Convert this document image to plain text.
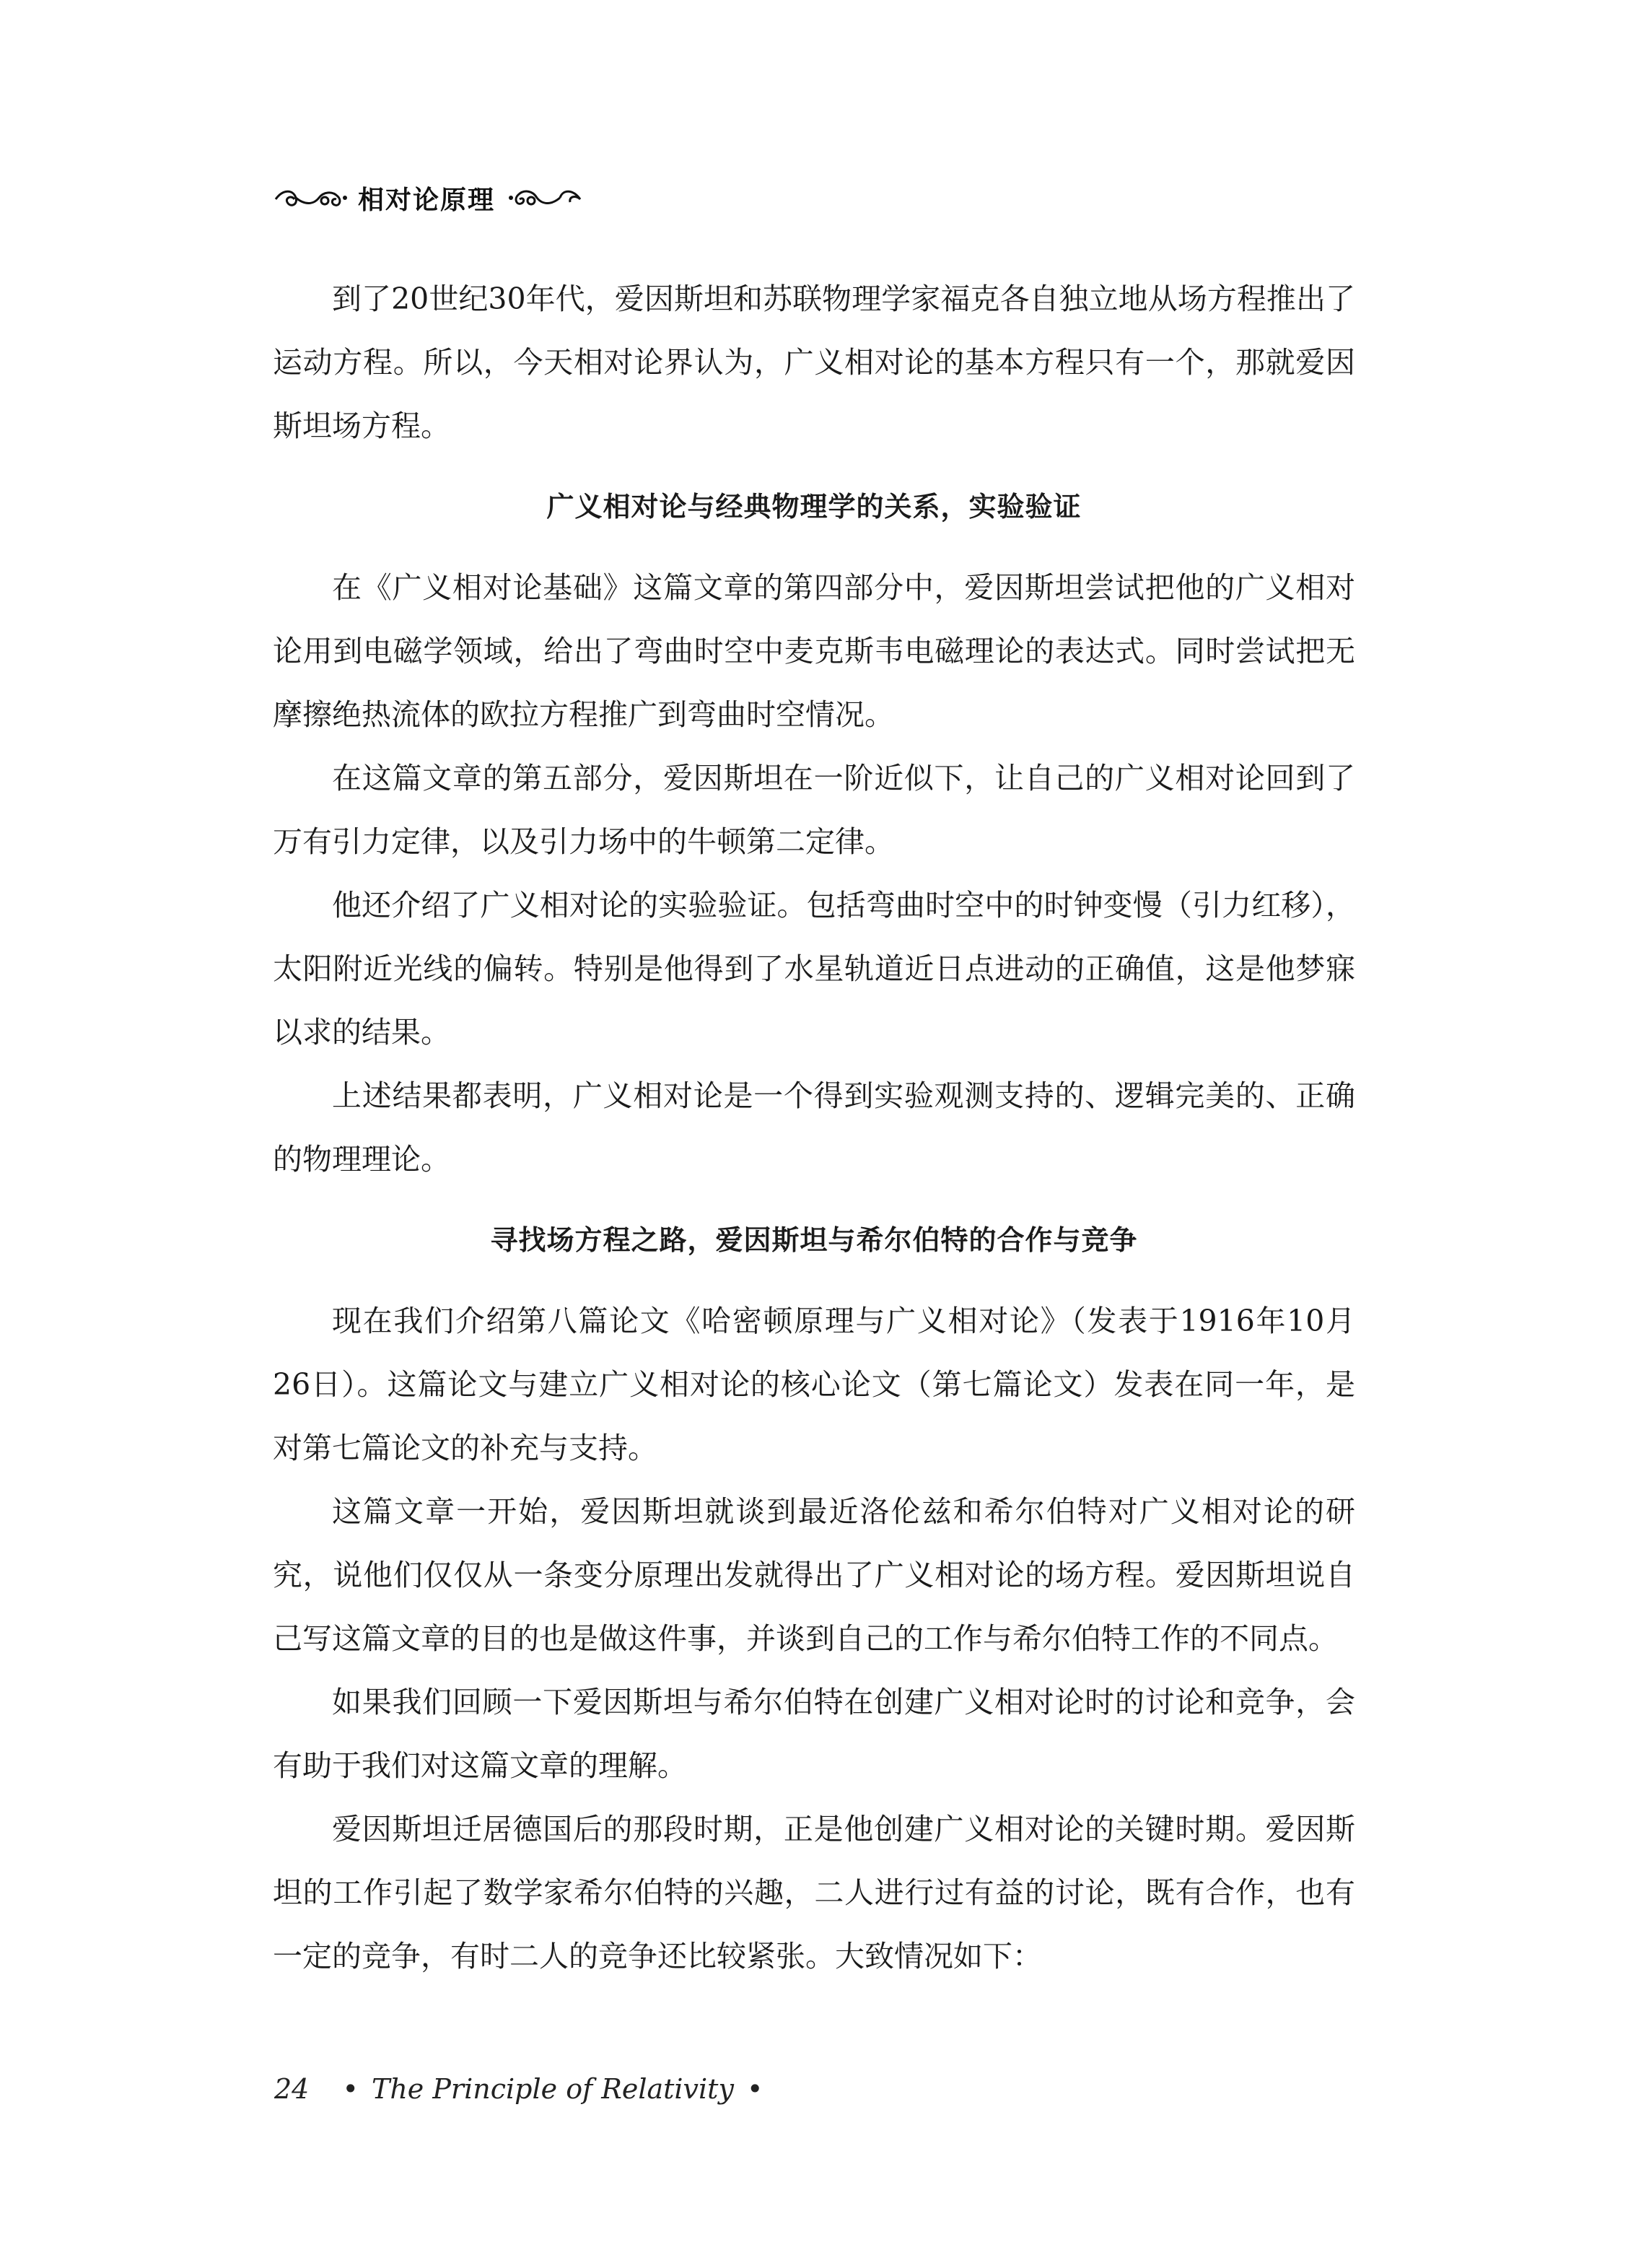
相对论原理

到了20世纪30年代，爱因斯坦和苏联物理学家福克各自独立地从场方程推出了运动方程。所以，今天相对论界认为，广义相对论的基本方程只有一个，那就爱因斯坦场方程。

广义相对论与经典物理学的关系，实验验证

在《广义相对论基础》这篇文章的第四部分中，爱因斯坦尝试把他的广义相对论用到电磁学领域，给出了弯曲时空中麦克斯韦电磁理论的表达式。同时尝试把无摩擦绝热流体的欧拉方程推广到弯曲时空情况。

在这篇文章的第五部分，爱因斯坦在一阶近似下，让自己的广义相对论回到了万有引力定律，以及引力场中的牛顿第二定律。

他还介绍了广义相对论的实验验证。包括弯曲时空中的时钟变慢（引力红移），太阳附近光线的偏转。特别是他得到了水星轨道近日点进动的正确值，这是他梦寐以求的结果。

上述结果都表明，广义相对论是一个得到实验观测支持的、逻辑完美的、正确的物理理论。

寻找场方程之路，爱因斯坦与希尔伯特的合作与竞争

现在我们介绍第八篇论文《哈密顿原理与广义相对论》（发表于1916年10月26日）。这篇论文与建立广义相对论的核心论文（第七篇论文）发表在同一年，是对第七篇论文的补充与支持。

这篇文章一开始，爱因斯坦就谈到最近洛伦兹和希尔伯特对广义相对论的研究，说他们仅仅从一条变分原理出发就得出了广义相对论的场方程。爱因斯坦说自己写这篇文章的目的也是做这件事，并谈到自己的工作与希尔伯特工作的不同点。

如果我们回顾一下爱因斯坦与希尔伯特在创建广义相对论时的讨论和竞争，会有助于我们对这篇文章的理解。

爱因斯坦迁居德国后的那段时期，正是他创建广义相对论的关键时期。爱因斯坦的工作引起了数学家希尔伯特的兴趣，二人进行过有益的讨论，既有合作，也有一定的竞争，有时二人的竞争还比较紧张。大致情况如下：

24 • The Principle of Relativity •
